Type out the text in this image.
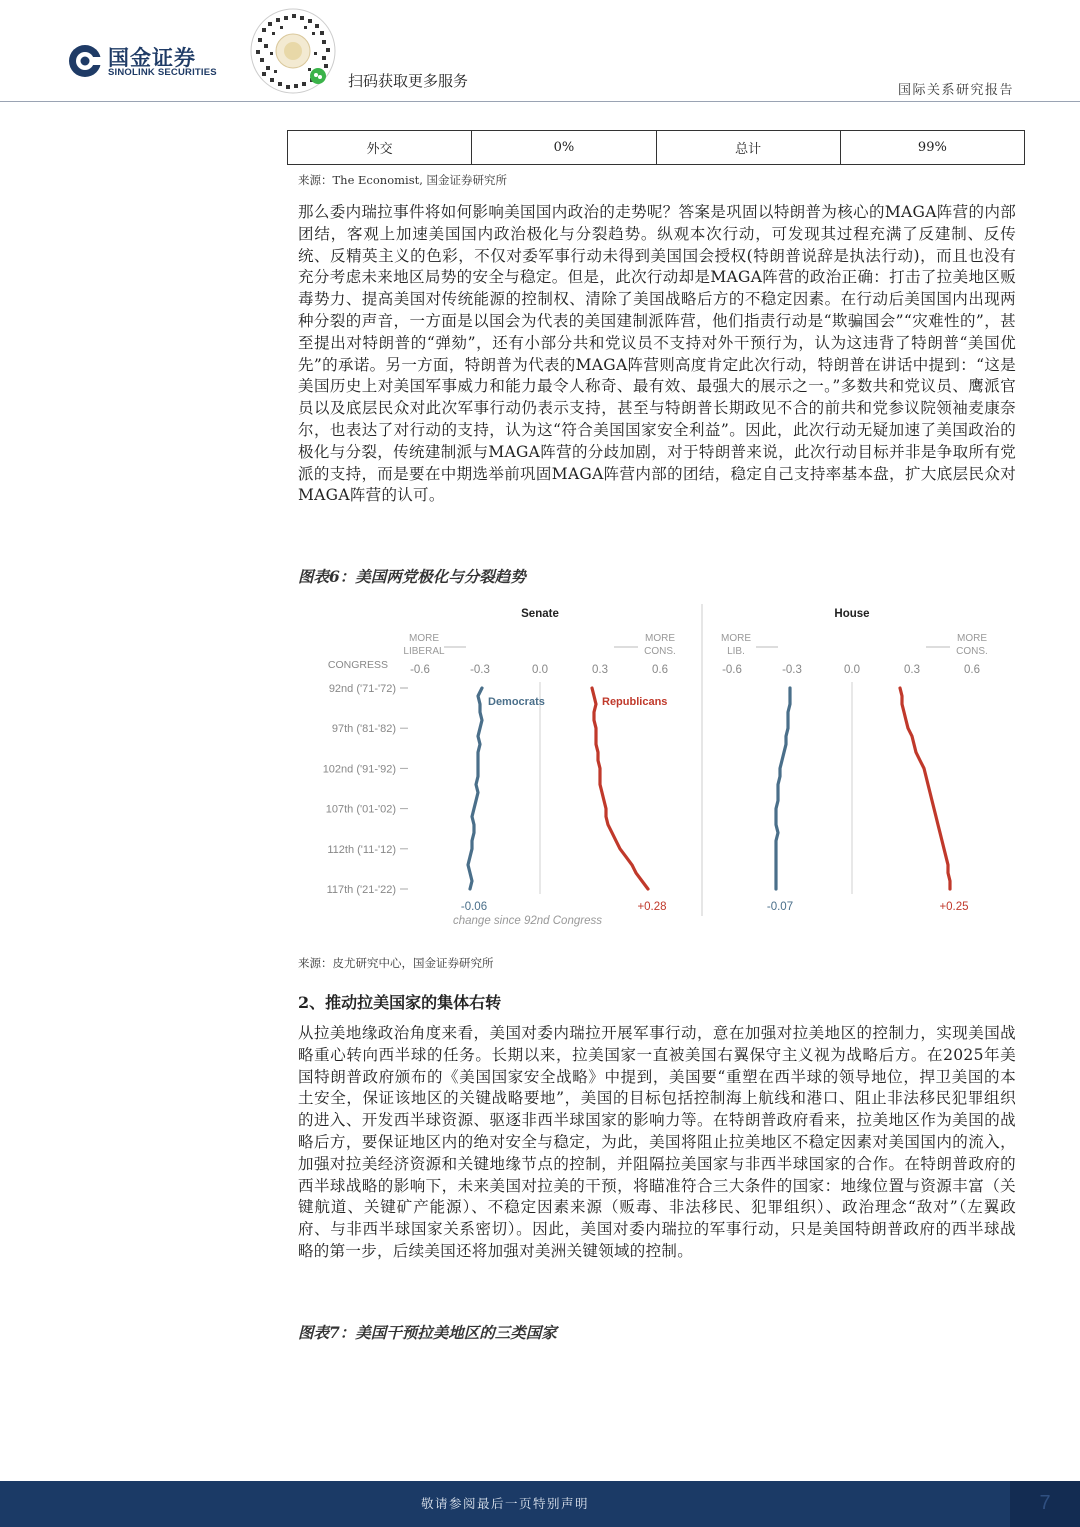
国金证券
SINOLINK SECURITIES	扫码获取更多服务
国际关系研究报告
外交	0%	总计	99%
来源：The Economist, 国金证券研究所
那么委内瑞拉事件将如何影响美国国内政治的走势呢？答案是巩固以特朗普为核心的MAGA阵营的内部团结，客观上加速美国国内政治极化与分裂趋势。纵观本次行动，可发现其过程充满了反建制、反传统、反精英主义的色彩，不仅对委军事行动未得到美国国会授权(特朗普说辞是执法行动)，而且也没有充分考虑未来地区局势的安全与稳定。但是，此次行动却是MAGA阵营的政治正确：打击了拉美地区贩毒势力、提高美国对传统能源的控制权、清除了美国战略后方的不稳定因素。在行动后美国国内出现两种分裂的声音，一方面是以国会为代表的美国建制派阵营，他们指责行动是“欺骗国会”“灾难性的”，甚至提出对特朗普的“弹劾”，还有小部分共和党议员不支持对外干预行为，认为这违背了特朗普“美国优先”的承诺。另一方面，特朗普为代表的MAGA阵营则高度肯定此次行动，特朗普在讲话中提到：“这是美国历史上对美国军事威力和能力最令人称奇、最有效、最强大的展示之一。”多数共和党议员、鹰派官员以及底层民众对此次军事行动仍表示支持，甚至与特朗普长期政见不合的前共和党参议院领袖麦康奈尔，也表达了对行动的支持，认为这“符合美国国家安全利益”。因此，此次行动无疑加速了美国政治的极化与分裂，传统建制派与MAGA阵营的分歧加剧，对于特朗普来说，此次行动目标并非是争取所有党派的支持，而是要在中期选举前巩固MAGA阵营内部的团结，稳定自己支持率基本盘，扩大底层民众对MAGA阵营的认可。
图表6：美国两党极化与分裂趋势
CONGRESS
92nd ('71-'72)
97th ('81-'82)
102nd ('91-'92)
107th ('01-'02)
112th ('11-'12)
117th ('21-'22)
Senate
MORE
LIBERAL
MORE
CONS.
-0.6	-0.3	0.0	0.3	0.6
-0.06	+0.28
Democrats	Republicans
House
MORE
LIB.
MORE
CONS.
-0.6	-0.3	0.0	0.3	0.6
-0.07	+0.25
change since 92nd Congress
来源：皮尤研究中心，国金证券研究所
2、推动拉美国家的集体右转
从拉美地缘政治角度来看，美国对委内瑞拉开展军事行动，意在加强对拉美地区的控制力，实现美国战略重心转向西半球的任务。长期以来，拉美国家一直被美国右翼保守主义视为战略后方。在2025年美国特朗普政府颁布的《美国国家安全战略》中提到，美国要“重塑在西半球的领导地位，捍卫美国的本土安全，保证该地区的关键战略要地”，美国的目标包括控制海上航线和港口、阻止非法移民犯罪组织的进入、开发西半球资源、驱逐非西半球国家的影响力等。在特朗普政府看来，拉美地区作为美国的战略后方，要保证地区内的绝对安全与稳定，为此，美国将阻止拉美地区不稳定因素对美国国内的流入，加强对拉美经济资源和关键地缘节点的控制，并阻隔拉美国家与非西半球国家的合作。在特朗普政府的西半球战略的影响下，未来美国对拉美的干预，将瞄准符合三大条件的国家：地缘位置与资源丰富（关键航道、关键矿产能源）、不稳定因素来源（贩毒、非法移民、犯罪组织）、政治理念“敌对”（左翼政府、与非西半球国家关系密切）。因此，美国对委内瑞拉的军事行动，只是美国特朗普政府的西半球战略的第一步，后续美国还将加强对美洲关键领域的控制。
图表7：美国干预拉美地区的三类国家
敬请参阅最后一页特别声明	7
